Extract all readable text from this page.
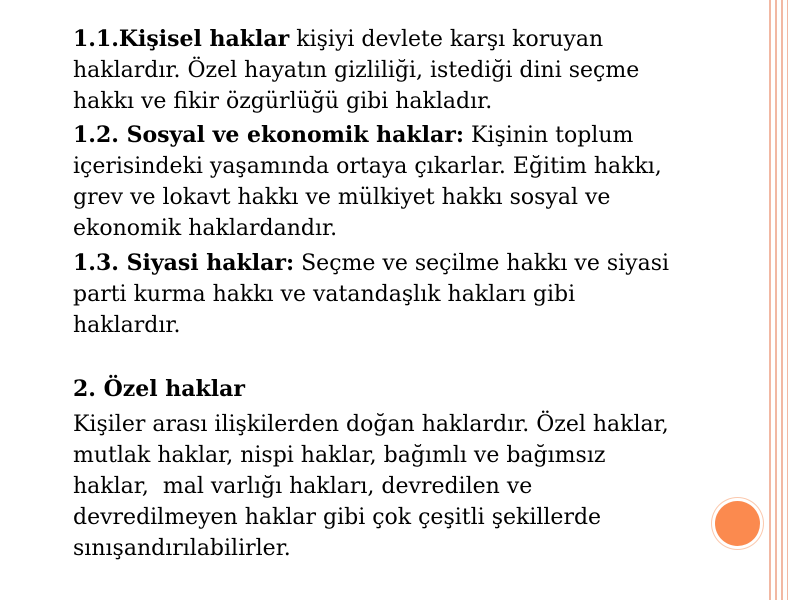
1.1.Kişisel haklar kişiyi devlete karşı koruyan
haklardır. Özel hayatın gizliliği, istediği dini seçme
hakkı ve fikir özgürlüğü gibi hakladır.

1.2. Sosyal ve ekonomik haklar: Kişinin toplum
içerisindeki yaşamında ortaya çıkarlar. Eğitim hakkı,
grev ve lokavt hakkı ve mülkiyet hakkı sosyal ve
ekonomik haklardandır.

1.3. Siyasi haklar: Seçme ve seçilme hakkı ve siyasi
parti kurma hakkı ve vatandaşlık hakları gibi
haklardır.

2. Özel haklar

Kişiler arası ilişkilerden doğan haklardır. Özel haklar,
mutlak haklar, nispi haklar, bağımlı ve bağımsız
haklar,  mal varlığı hakları, devredilen ve
devredilmeyen haklar gibi çok çeşitli şekillerde
sınışandırılabilirler.
